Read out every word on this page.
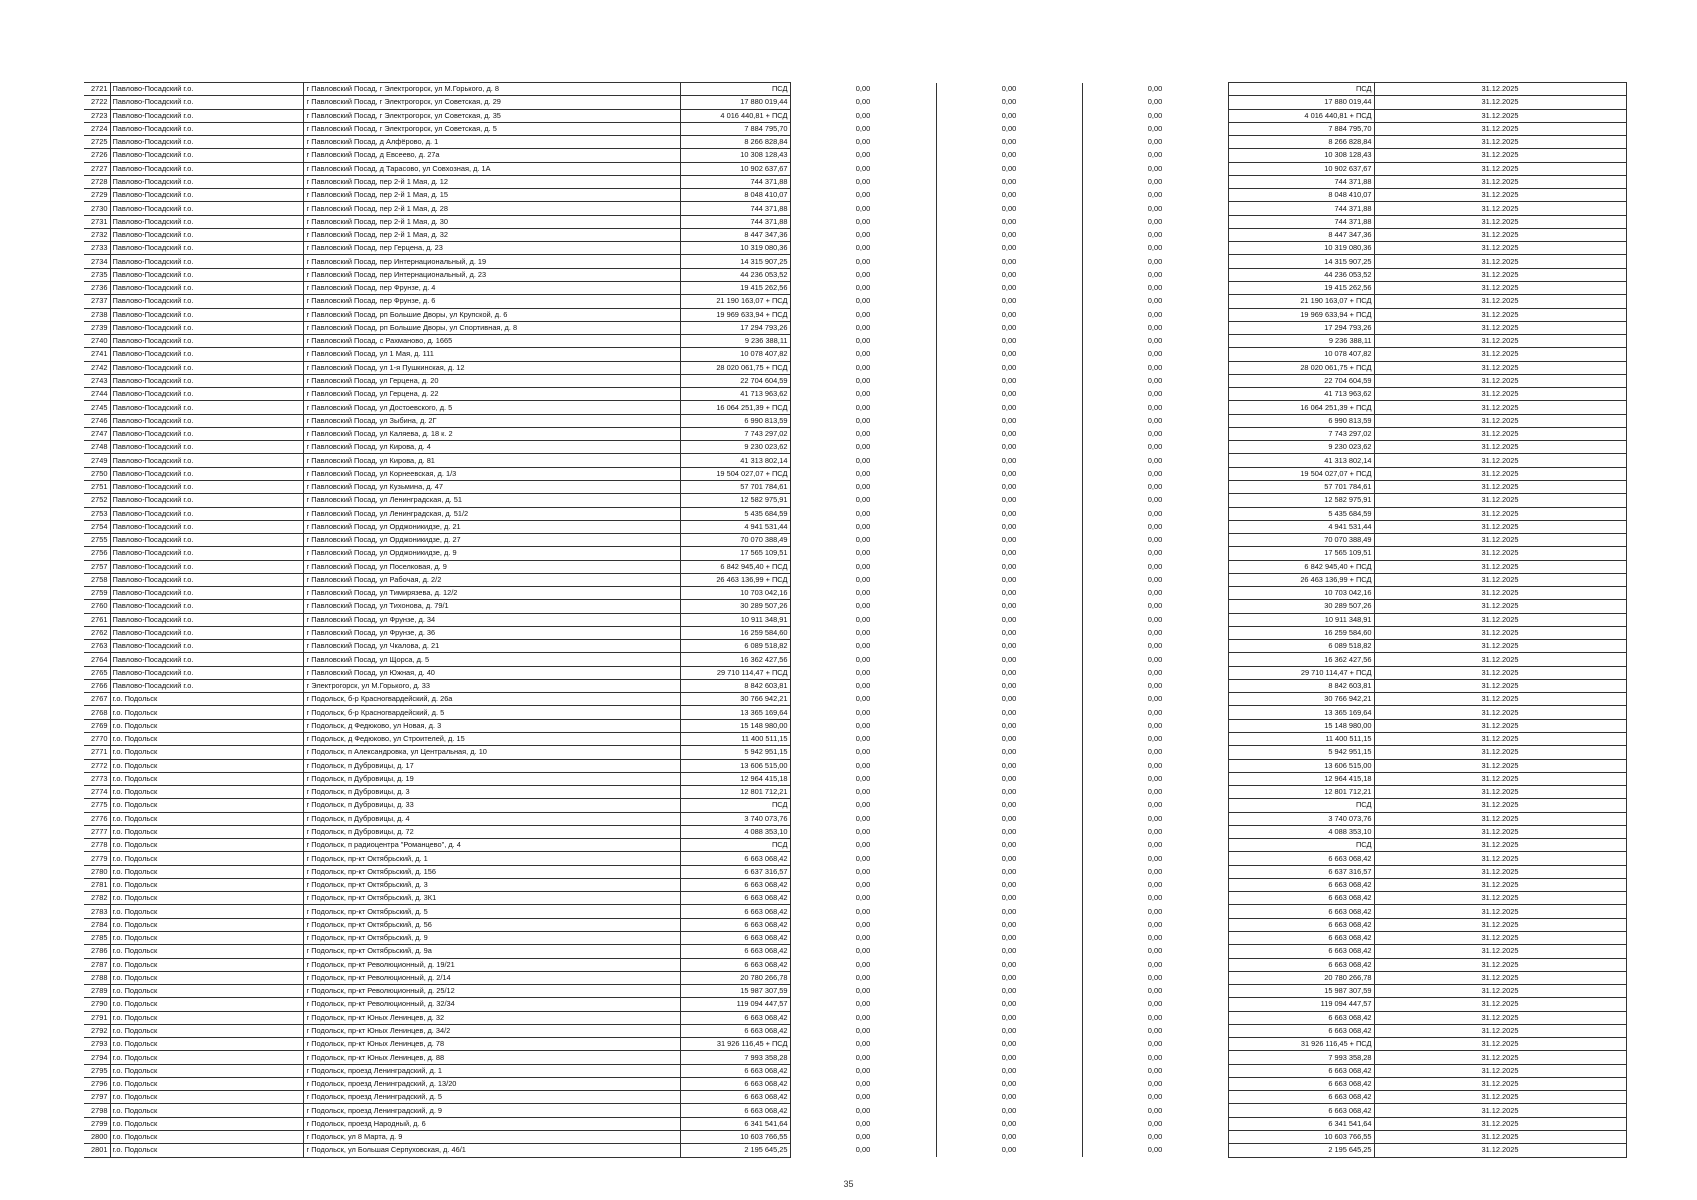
2721	Павлово-Посадский г.о.	г Павловский Посад, г Электрогорск, ул М.Горького, д. 8	ПСД	0,00	0,00	0,00	ПСД	31.12.2025
2722	Павлово-Посадский г.о.	г Павловский Посад, г Электрогорск, ул Советская, д. 29	17 880 019,44	0,00	0,00	0,00	17 880 019,44	31.12.2025
2723	Павлово-Посадский г.о.	г Павловский Посад, г Электрогорск, ул Советская, д. 35	4 016 440,81 + ПСД	0,00	0,00	0,00	4 016 440,81 + ПСД	31.12.2025
2724	Павлово-Посадский г.о.	г Павловский Посад, г Электрогорск, ул Советская, д. 5	7 884 795,70	0,00	0,00	0,00	7 884 795,70	31.12.2025
2725	Павлово-Посадский г.о.	г Павловский Посад, д Алфёрово, д. 1	8 266 828,84	0,00	0,00	0,00	8 266 828,84	31.12.2025
2726	Павлово-Посадский г.о.	г Павловский Посад, д Евсеево, д. 27а	10 308 128,43	0,00	0,00	0,00	10 308 128,43	31.12.2025
2727	Павлово-Посадский г.о.	г Павловский Посад, д Тарасово, ул Совхозная, д. 1А	10 902 637,67	0,00	0,00	0,00	10 902 637,67	31.12.2025
2728	Павлово-Посадский г.о.	г Павловский Посад, пер 2-й 1 Мая, д. 12	744 371,88	0,00	0,00	0,00	744 371,88	31.12.2025
2729	Павлово-Посадский г.о.	г Павловский Посад, пер 2-й 1 Мая, д. 15	8 048 410,07	0,00	0,00	0,00	8 048 410,07	31.12.2025
2730	Павлово-Посадский г.о.	г Павловский Посад, пер 2-й 1 Мая, д. 28	744 371,88	0,00	0,00	0,00	744 371,88	31.12.2025
2731	Павлово-Посадский г.о.	г Павловский Посад, пер 2-й 1 Мая, д. 30	744 371,88	0,00	0,00	0,00	744 371,88	31.12.2025
2732	Павлово-Посадский г.о.	г Павловский Посад, пер 2-й 1 Мая, д. 32	8 447 347,36	0,00	0,00	0,00	8 447 347,36	31.12.2025
2733	Павлово-Посадский г.о.	г Павловский Посад, пер Герцена, д. 23	10 319 080,36	0,00	0,00	0,00	10 319 080,36	31.12.2025
2734	Павлово-Посадский г.о.	г Павловский Посад, пер Интернациональный, д. 19	14 315 907,25	0,00	0,00	0,00	14 315 907,25	31.12.2025
2735	Павлово-Посадский г.о.	г Павловский Посад, пер Интернациональный, д. 23	44 236 053,52	0,00	0,00	0,00	44 236 053,52	31.12.2025
2736	Павлово-Посадский г.о.	г Павловский Посад, пер Фрунзе, д. 4	19 415 262,56	0,00	0,00	0,00	19 415 262,56	31.12.2025
2737	Павлово-Посадский г.о.	г Павловский Посад, пер Фрунзе, д. 6	21 190 163,07 + ПСД	0,00	0,00	0,00	21 190 163,07 + ПСД	31.12.2025
2738	Павлово-Посадский г.о.	г Павловский Посад, рп Большие Дворы, ул Крупской, д. 6	19 969 633,94 + ПСД	0,00	0,00	0,00	19 969 633,94 + ПСД	31.12.2025
2739	Павлово-Посадский г.о.	г Павловский Посад, рп Большие Дворы, ул Спортивная, д. 8	17 294 793,26	0,00	0,00	0,00	17 294 793,26	31.12.2025
2740	Павлово-Посадский г.о.	г Павловский Посад, с Рахманово, д. 1665	9 236 388,11	0,00	0,00	0,00	9 236 388,11	31.12.2025
2741	Павлово-Посадский г.о.	г Павловский Посад, ул 1 Мая, д. 111	10 078 407,82	0,00	0,00	0,00	10 078 407,82	31.12.2025
2742	Павлово-Посадский г.о.	г Павловский Посад, ул 1-я Пушкинская, д. 12	28 020 061,75 + ПСД	0,00	0,00	0,00	28 020 061,75 + ПСД	31.12.2025
2743	Павлово-Посадский г.о.	г Павловский Посад, ул Герцена, д. 20	22 704 604,59	0,00	0,00	0,00	22 704 604,59	31.12.2025
2744	Павлово-Посадский г.о.	г Павловский Посад, ул Герцена, д. 22	41 713 963,62	0,00	0,00	0,00	41 713 963,62	31.12.2025
2745	Павлово-Посадский г.о.	г Павловский Посад, ул Достоевского, д. 5	16 064 251,39 + ПСД	0,00	0,00	0,00	16 064 251,39 + ПСД	31.12.2025
2746	Павлово-Посадский г.о.	г Павловский Посад, ул Зыбина, д. 2Г	6 990 813,59	0,00	0,00	0,00	6 990 813,59	31.12.2025
2747	Павлово-Посадский г.о.	г Павловский Посад, ул Каляева, д. 18 к. 2	7 743 297,02	0,00	0,00	0,00	7 743 297,02	31.12.2025
2748	Павлово-Посадский г.о.	г Павловский Посад, ул Кирова, д. 4	9 230 023,62	0,00	0,00	0,00	9 230 023,62	31.12.2025
2749	Павлово-Посадский г.о.	г Павловский Посад, ул Кирова, д. 81	41 313 802,14	0,00	0,00	0,00	41 313 802,14	31.12.2025
2750	Павлово-Посадский г.о.	г Павловский Посад, ул Корнеевская, д. 1/3	19 504 027,07 + ПСД	0,00	0,00	0,00	19 504 027,07 + ПСД	31.12.2025
2751	Павлово-Посадский г.о.	г Павловский Посад, ул Кузьмина, д. 47	57 701 784,61	0,00	0,00	0,00	57 701 784,61	31.12.2025
2752	Павлово-Посадский г.о.	г Павловский Посад, ул Ленинградская, д. 51	12 582 975,91	0,00	0,00	0,00	12 582 975,91	31.12.2025
2753	Павлово-Посадский г.о.	г Павловский Посад, ул Ленинградская, д. 51/2	5 435 684,59	0,00	0,00	0,00	5 435 684,59	31.12.2025
2754	Павлово-Посадский г.о.	г Павловский Посад, ул Орджоникидзе, д. 21	4 941 531,44	0,00	0,00	0,00	4 941 531,44	31.12.2025
2755	Павлово-Посадский г.о.	г Павловский Посад, ул Орджоникидзе, д. 27	70 070 388,49	0,00	0,00	0,00	70 070 388,49	31.12.2025
2756	Павлово-Посадский г.о.	г Павловский Посад, ул Орджоникидзе, д. 9	17 565 109,51	0,00	0,00	0,00	17 565 109,51	31.12.2025
2757	Павлово-Посадский г.о.	г Павловский Посад, ул Поселковая, д. 9	6 842 945,40 + ПСД	0,00	0,00	0,00	6 842 945,40 + ПСД	31.12.2025
2758	Павлово-Посадский г.о.	г Павловский Посад, ул Рабочая, д. 2/2	26 463 136,99 + ПСД	0,00	0,00	0,00	26 463 136,99 + ПСД	31.12.2025
2759	Павлово-Посадский г.о.	г Павловский Посад, ул Тимирязева, д. 12/2	10 703 042,16	0,00	0,00	0,00	10 703 042,16	31.12.2025
2760	Павлово-Посадский г.о.	г Павловский Посад, ул Тихонова, д. 79/1	30 289 507,26	0,00	0,00	0,00	30 289 507,26	31.12.2025
2761	Павлово-Посадский г.о.	г Павловский Посад, ул Фрунзе, д. 34	10 911 348,91	0,00	0,00	0,00	10 911 348,91	31.12.2025
2762	Павлово-Посадский г.о.	г Павловский Посад, ул Фрунзе, д. 36	16 259 584,60	0,00	0,00	0,00	16 259 584,60	31.12.2025
2763	Павлово-Посадский г.о.	г Павловский Посад, ул Чкалова, д. 21	6 089 518,82	0,00	0,00	0,00	6 089 518,82	31.12.2025
2764	Павлово-Посадский г.о.	г Павловский Посад, ул Щорса, д. 5	16 362 427,56	0,00	0,00	0,00	16 362 427,56	31.12.2025
2765	Павлово-Посадский г.о.	г Павловский Посад, ул Южная, д. 40	29 710 114,47 + ПСД	0,00	0,00	0,00	29 710 114,47 + ПСД	31.12.2025
2766	Павлово-Посадский г.о.	г Электрогорск, ул М.Горького, д. 33	8 842 603,81	0,00	0,00	0,00	8 842 603,81	31.12.2025
2767	г.о. Подольск	г Подольск, б-р Красногвардейский, д. 26а	30 766 942,21	0,00	0,00	0,00	30 766 942,21	31.12.2025
2768	г.о. Подольск	г Подольск, б-р Красногвардейский, д. 5	13 365 169,64	0,00	0,00	0,00	13 365 169,64	31.12.2025
2769	г.о. Подольск	г Подольск, д Федюково, ул Новая, д. 3	15 148 980,00	0,00	0,00	0,00	15 148 980,00	31.12.2025
2770	г.о. Подольск	г Подольск, д Федюково, ул Строителей, д. 15	11 400 511,15	0,00	0,00	0,00	11 400 511,15	31.12.2025
2771	г.о. Подольск	г Подольск, п Александровка, ул Центральная, д. 10	5 942 951,15	0,00	0,00	0,00	5 942 951,15	31.12.2025
2772	г.о. Подольск	г Подольск, п Дубровицы, д. 17	13 606 515,00	0,00	0,00	0,00	13 606 515,00	31.12.2025
2773	г.о. Подольск	г Подольск, п Дубровицы, д. 19	12 964 415,18	0,00	0,00	0,00	12 964 415,18	31.12.2025
2774	г.о. Подольск	г Подольск, п Дубровицы, д. 3	12 801 712,21	0,00	0,00	0,00	12 801 712,21	31.12.2025
2775	г.о. Подольск	г Подольск, п Дубровицы, д. 33	ПСД	0,00	0,00	0,00	ПСД	31.12.2025
2776	г.о. Подольск	г Подольск, п Дубровицы, д. 4	3 740 073,76	0,00	0,00	0,00	3 740 073,76	31.12.2025
2777	г.о. Подольск	г Подольск, п Дубровицы, д. 72	4 088 353,10	0,00	0,00	0,00	4 088 353,10	31.12.2025
2778	г.о. Подольск	г Подольск, п радиоцентра "Романцево", д. 4	ПСД	0,00	0,00	0,00	ПСД	31.12.2025
2779	г.о. Подольск	г Подольск, пр-кт Октябрьский, д. 1	6 663 068,42	0,00	0,00	0,00	6 663 068,42	31.12.2025
2780	г.о. Подольск	г Подольск, пр-кт Октябрьский, д. 156	6 637 316,57	0,00	0,00	0,00	6 637 316,57	31.12.2025
2781	г.о. Подольск	г Подольск, пр-кт Октябрьский, д. 3	6 663 068,42	0,00	0,00	0,00	6 663 068,42	31.12.2025
2782	г.о. Подольск	г Подольск, пр-кт Октябрьский, д. 3К1	6 663 068,42	0,00	0,00	0,00	6 663 068,42	31.12.2025
2783	г.о. Подольск	г Подольск, пр-кт Октябрьский, д. 5	6 663 068,42	0,00	0,00	0,00	6 663 068,42	31.12.2025
2784	г.о. Подольск	г Подольск, пр-кт Октябрьский, д. 56	6 663 068,42	0,00	0,00	0,00	6 663 068,42	31.12.2025
2785	г.о. Подольск	г Подольск, пр-кт Октябрьский, д. 9	6 663 068,42	0,00	0,00	0,00	6 663 068,42	31.12.2025
2786	г.о. Подольск	г Подольск, пр-кт Октябрьский, д. 9а	6 663 068,42	0,00	0,00	0,00	6 663 068,42	31.12.2025
2787	г.о. Подольск	г Подольск, пр-кт Революционный, д. 19/21	6 663 068,42	0,00	0,00	0,00	6 663 068,42	31.12.2025
2788	г.о. Подольск	г Подольск, пр-кт Революционный, д. 2/14	20 780 266,78	0,00	0,00	0,00	20 780 266,78	31.12.2025
2789	г.о. Подольск	г Подольск, пр-кт Революционный, д. 25/12	15 987 307,59	0,00	0,00	0,00	15 987 307,59	31.12.2025
2790	г.о. Подольск	г Подольск, пр-кт Революционный, д. 32/34	119 094 447,57	0,00	0,00	0,00	119 094 447,57	31.12.2025
2791	г.о. Подольск	г Подольск, пр-кт Юных Ленинцев, д. 32	6 663 068,42	0,00	0,00	0,00	6 663 068,42	31.12.2025
2792	г.о. Подольск	г Подольск, пр-кт Юных Ленинцев, д. 34/2	6 663 068,42	0,00	0,00	0,00	6 663 068,42	31.12.2025
2793	г.о. Подольск	г Подольск, пр-кт Юных Ленинцев, д. 78	31 926 116,45 + ПСД	0,00	0,00	0,00	31 926 116,45 + ПСД	31.12.2025
2794	г.о. Подольск	г Подольск, пр-кт Юных Ленинцев, д. 88	7 993 358,28	0,00	0,00	0,00	7 993 358,28	31.12.2025
2795	г.о. Подольск	г Подольск, проезд Ленинградский, д. 1	6 663 068,42	0,00	0,00	0,00	6 663 068,42	31.12.2025
2796	г.о. Подольск	г Подольск, проезд Ленинградский, д. 13/20	6 663 068,42	0,00	0,00	0,00	6 663 068,42	31.12.2025
2797	г.о. Подольск	г Подольск, проезд Ленинградский, д. 5	6 663 068,42	0,00	0,00	0,00	6 663 068,42	31.12.2025
2798	г.о. Подольск	г Подольск, проезд Ленинградский, д. 9	6 663 068,42	0,00	0,00	0,00	6 663 068,42	31.12.2025
2799	г.о. Подольск	г Подольск, проезд Народный, д. 6	6 341 541,64	0,00	0,00	0,00	6 341 541,64	31.12.2025
2800	г.о. Подольск	г Подольск, ул 8 Марта, д. 9	10 603 766,55	0,00	0,00	0,00	10 603 766,55	31.12.2025
2801	г.о. Подольск	г Подольск, ул Большая Серпуховская, д. 46/1	2 195 645,25	0,00	0,00	0,00	2 195 645,25	31.12.2025
35
